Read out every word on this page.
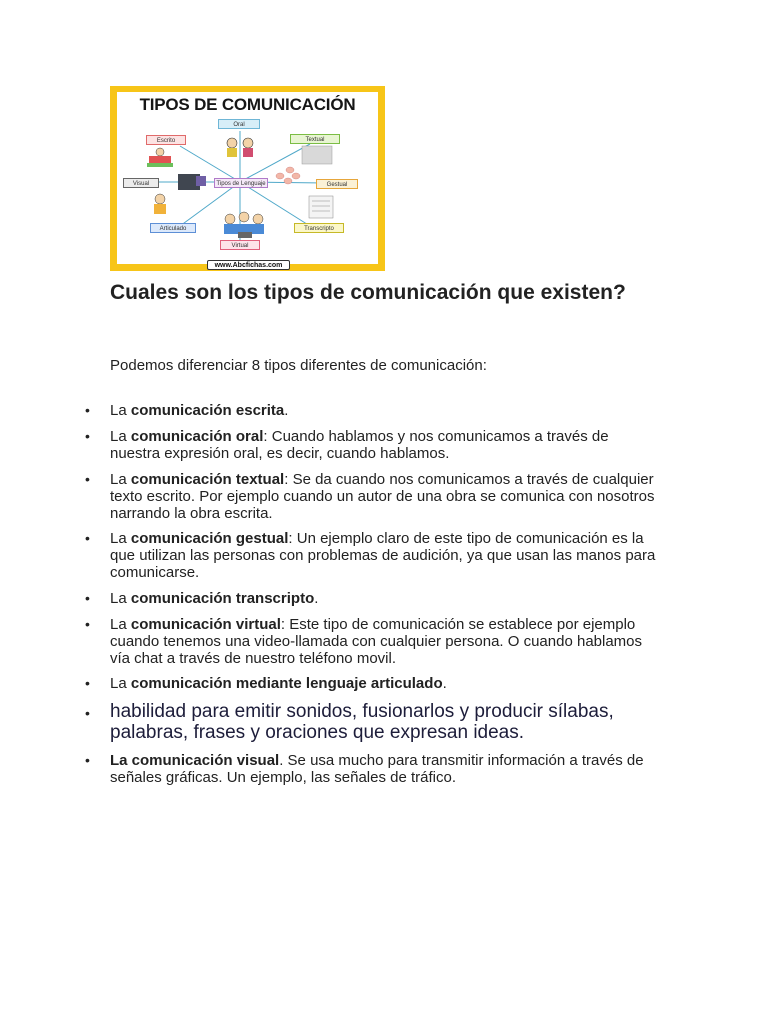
TIPOS DE COMUNICACIÓN
Oral
Escrito	Textual
Visual	Tipos de Lenguaje	Gestual
Articulado	Transcripto
Virtual
www.Abcfichas.com
Cuales son los tipos de comunicación que existen?

Podemos diferenciar 8 tipos diferentes de comunicación:

• La comunicación escrita.
• La comunicación oral: Cuando hablamos y nos comunicamos a través de nuestra expresión oral, es decir, cuando hablamos.
• La comunicación textual: Se da cuando nos comunicamos a través de cualquier texto escrito. Por ejemplo cuando un autor de una obra se comunica con nosotros narrando la obra escrita.
• La comunicación gestual: Un ejemplo claro de este tipo de comunicación es la que utilizan las personas con problemas de audición, ya que usan las manos para comunicarse.
• La comunicación transcripto.
• La comunicación virtual: Este tipo de comunicación se establece por ejemplo cuando tenemos una video-llamada con cualquier persona. O cuando hablamos vía chat a través de nuestro teléfono movil.
• La comunicación mediante lenguaje articulado.
• habilidad para emitir sonidos, fusionarlos y producir sílabas, palabras, frases y oraciones que expresan ideas.
• La comunicación visual. Se usa mucho para transmitir información a través de señales gráficas. Un ejemplo, las señales de tráfico.
